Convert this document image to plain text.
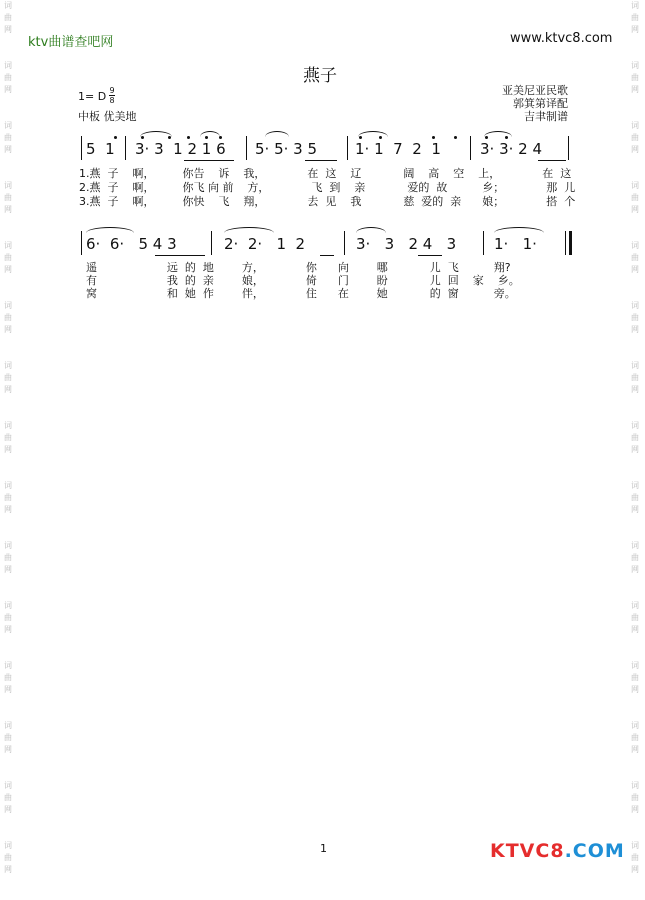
词
曲
网
词
曲
网
词
曲
网
词
曲
网
词
曲
网
词
曲
网
词
曲
网
词
曲
网
词
曲
网
词
曲
网
词
曲
网
词
曲
网
词
曲
网
词
曲
网
词
曲
网
词
曲
网
词
曲
网
词
曲
网
词
曲
网
词
曲
网
词
曲
网
词
曲
网
词
曲
网
词
曲
网
词
曲
网
词
曲
网
词
曲
网
词
曲
网
词
曲
网
词
曲
网
ktv曲谱查吧网	www.ktvc8.com
燕子
1= D 9
8
中板 优美地
亚美尼亚民歌
郭箕第译配
吉聿制谱
5  1 3· 3  1 2 1 6 5· 5· 3 5	1· 1  7  2  1	3· 3· 2 4
1.燕  子    啊，        你告    诉    我，            在  这    辽            阔    高    空    上，            在  这
2.燕  子    啊，        你飞 向 前    方，            飞  到    亲            爱的  故          乡；            那  儿
3.燕  子    啊，        你快    飞    翔，            去  见    我            慈  爱的  亲      娘；            搭  个
6·  6·   5 4 3	2·  2·   1  2	3·   3   2 4   3	1·   1·
遥                    远  的  地        方，            你      向        哪            儿  飞          翔?
有                    我  的  亲        娘，            倚      门        盼            儿  回    家    乡。
窝                    和  她  作        伴，            住      在        她            的  窗          旁。
1	KTVC8.COM
